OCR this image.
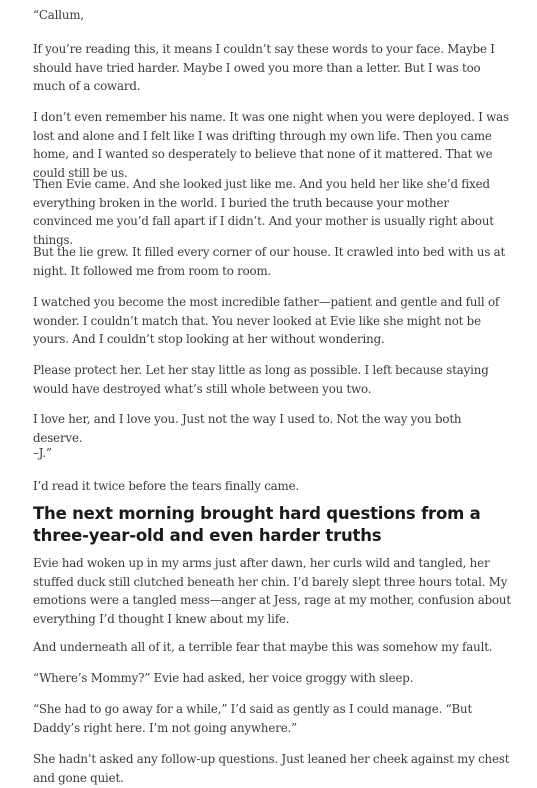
“Callum,

If you’re reading this, it means I couldn’t say these words to your face. Maybe I should have tried harder. Maybe I owed you more than a letter. But I was too much of a coward.

I don’t even remember his name. It was one night when you were deployed. I was lost and alone and I felt like I was drifting through my own life. Then you came home, and I wanted so desperately to believe that none of it mattered. That we could still be us.

Then Evie came. And she looked just like me. And you held her like she’d fixed everything broken in the world. I buried the truth because your mother convinced me you’d fall apart if I didn’t. And your mother is usually right about things.

But the lie grew. It filled every corner of our house. It crawled into bed with us at night. It followed me from room to room.

I watched you become the most incredible father—patient and gentle and full of wonder. I couldn’t match that. You never looked at Evie like she might not be yours. And I couldn’t stop looking at her without wondering.

Please protect her. Let her stay little as long as possible. I left because staying would have destroyed what’s still whole between you two.

I love her, and I love you. Just not the way I used to. Not the way you both deserve.

–J.”

I’d read it twice before the tears finally came.

The next morning brought hard questions from a three-year-old and even harder truths

Evie had woken up in my arms just after dawn, her curls wild and tangled, her stuffed duck still clutched beneath her chin. I’d barely slept three hours total. My emotions were a tangled mess—anger at Jess, rage at my mother, confusion about everything I’d thought I knew about my life.

And underneath all of it, a terrible fear that maybe this was somehow my fault.

“Where’s Mommy?” Evie had asked, her voice groggy with sleep.

“She had to go away for a while,” I’d said as gently as I could manage. “But Daddy’s right here. I’m not going anywhere.”

She hadn’t asked any follow-up questions. Just leaned her cheek against my chest and gone quiet.
